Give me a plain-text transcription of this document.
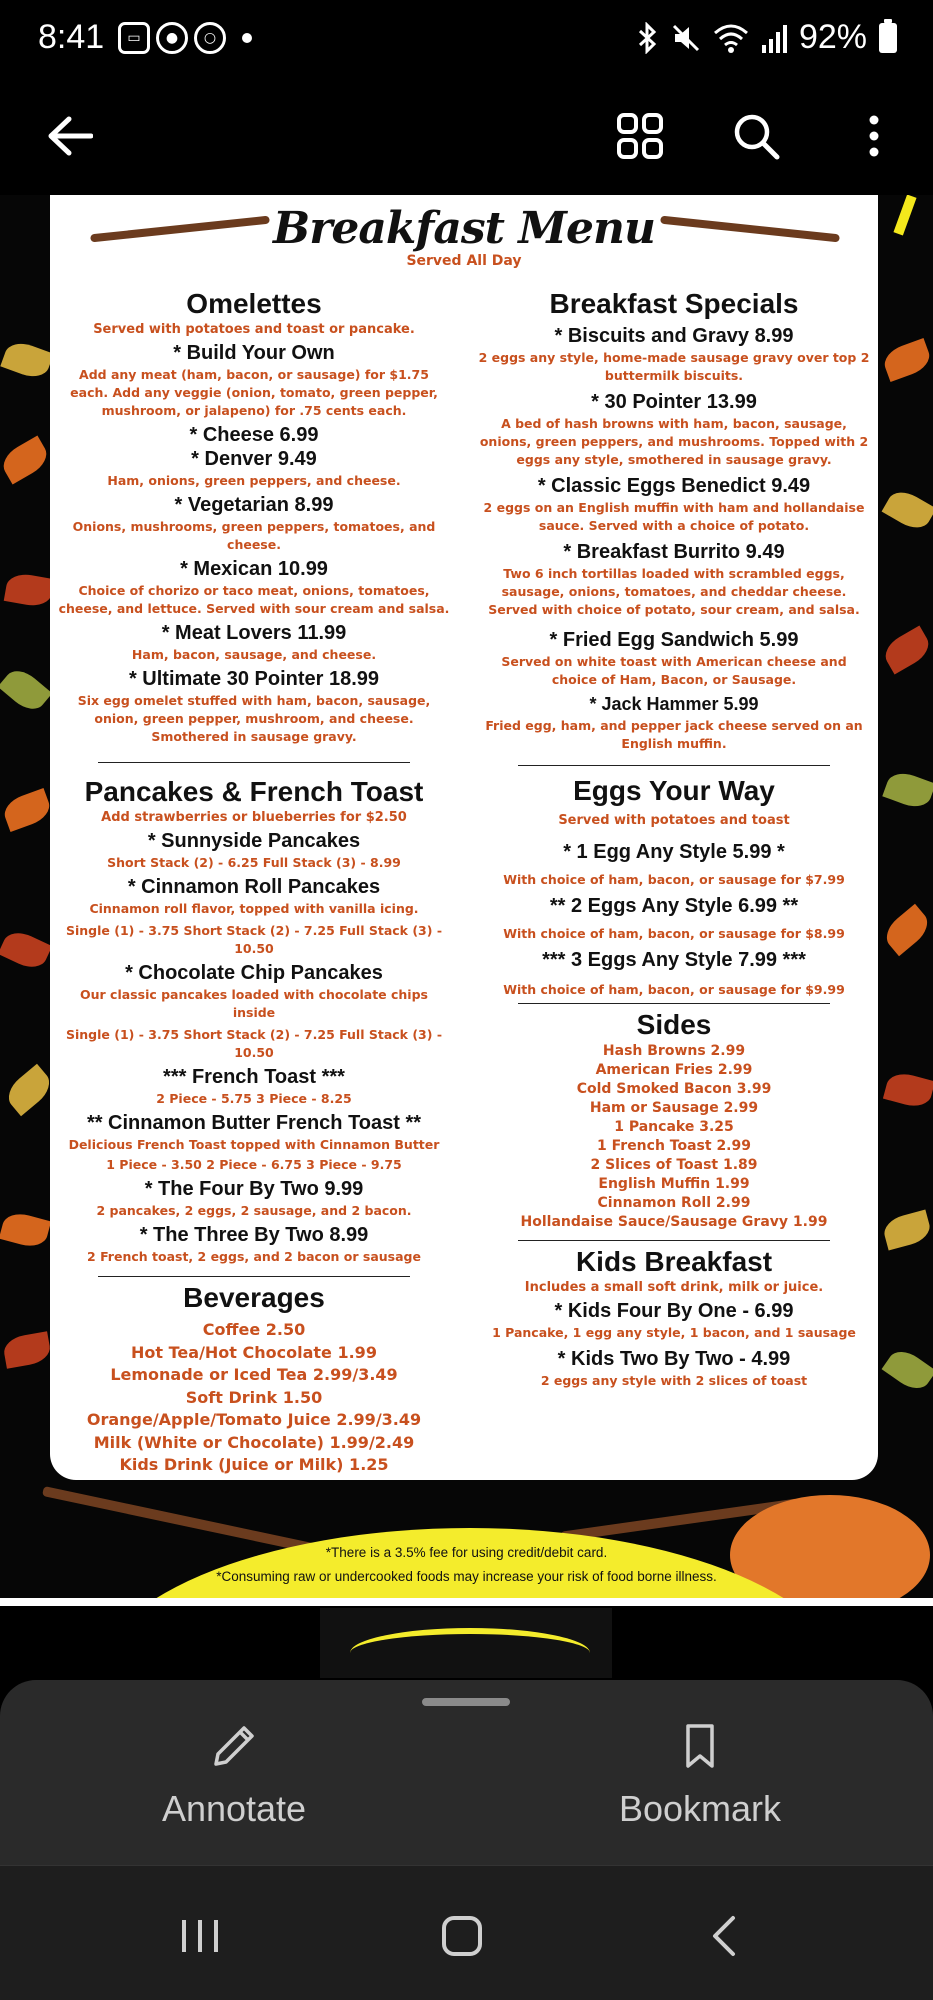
8:41	▭	●	○	92%
Breakfast Menu
Served All Day
Omelettes
Served with potatoes and toast or pancake.
* Build Your Own
Add any meat (ham, bacon, or sausage) for $1.75 each. Add any veggie (onion, tomato, green pepper, mushroom, or jalapeno) for .75 cents each.
* Cheese 6.99
* Denver 9.49
Ham, onions, green peppers, and cheese.
* Vegetarian 8.99
Onions, mushrooms, green peppers, tomatoes, and cheese.
* Mexican 10.99
Choice of chorizo or taco meat, onions, tomatoes, cheese, and lettuce. Served with sour cream and salsa.
* Meat Lovers 11.99
Ham, bacon, sausage, and cheese.
* Ultimate 30 Pointer 18.99
Six egg omelet stuffed with ham, bacon, sausage, onion, green pepper, mushroom, and cheese. Smothered in sausage gravy.
Pancakes & French Toast
Add strawberries or blueberries for $2.50
* Sunnyside Pancakes
Short Stack (2) - 6.25 Full Stack (3) - 8.99
* Cinnamon Roll Pancakes
Cinnamon roll flavor, topped with vanilla icing.
Single (1) - 3.75 Short Stack (2) - 7.25 Full Stack (3) - 10.50
* Chocolate Chip Pancakes
Our classic pancakes loaded with chocolate chips inside
Single (1) - 3.75 Short Stack (2) - 7.25 Full Stack (3) - 10.50
*** French Toast ***
2 Piece - 5.75 3 Piece - 8.25
** Cinnamon Butter French Toast **
Delicious French Toast topped with Cinnamon Butter
1 Piece - 3.50 2 Piece - 6.75 3 Piece - 9.75
* The Four By Two 9.99
2 pancakes, 2 eggs, 2 sausage, and 2 bacon.
* The Three By Two 8.99
2 French toast, 2 eggs, and 2 bacon or sausage
Beverages
Coffee 2.50
Hot Tea/Hot Chocolate 1.99
Lemonade or Iced Tea 2.99/3.49
Soft Drink 1.50
Orange/Apple/Tomato Juice 2.99/3.49
Milk (White or Chocolate) 1.99/2.49
Kids Drink (Juice or Milk) 1.25
Breakfast Specials
* Biscuits and Gravy 8.99
2 eggs any style, home-made sausage gravy over top 2 buttermilk biscuits.
* 30 Pointer 13.99
A bed of hash browns with ham, bacon, sausage, onions, green peppers, and mushrooms. Topped with 2 eggs any style, smothered in sausage gravy.
* Classic Eggs Benedict 9.49
2 eggs on an English muffin with ham and hollandaise sauce. Served with a choice of potato.
* Breakfast Burrito 9.49
Two 6 inch tortillas loaded with scrambled eggs, sausage, onions, tomatoes, and cheddar cheese. Served with choice of potato, sour cream, and salsa.
* Fried Egg Sandwich 5.99
Served on white toast with American cheese and choice of Ham, Bacon, or Sausage.
* Jack Hammer 5.99
Fried egg, ham, and pepper jack cheese served on an English muffin.
Eggs Your Way
Served with potatoes and toast
* 1 Egg Any Style 5.99 *
With choice of ham, bacon, or sausage for $7.99
** 2 Eggs Any Style 6.99 **
With choice of ham, bacon, or sausage for $8.99
*** 3 Eggs Any Style 7.99 ***
With choice of ham, bacon, or sausage for $9.99
Sides
Hash Browns 2.99
American Fries 2.99
Cold Smoked Bacon 3.99
Ham or Sausage 2.99
1 Pancake 3.25
1 French Toast 2.99
2 Slices of Toast 1.89
English Muffin 1.99
Cinnamon Roll 2.99
Hollandaise Sauce/Sausage Gravy 1.99
Kids Breakfast
Includes a small soft drink, milk or juice.
* Kids Four By One - 6.99
1 Pancake, 1 egg any style, 1 bacon, and 1 sausage
* Kids Two By Two - 4.99
2 eggs any style with 2 slices of toast
*There is a 3.5% fee for using credit/debit card.
*Consuming raw or undercooked foods may increase your risk of food borne illness.
Annotate	Bookmark
